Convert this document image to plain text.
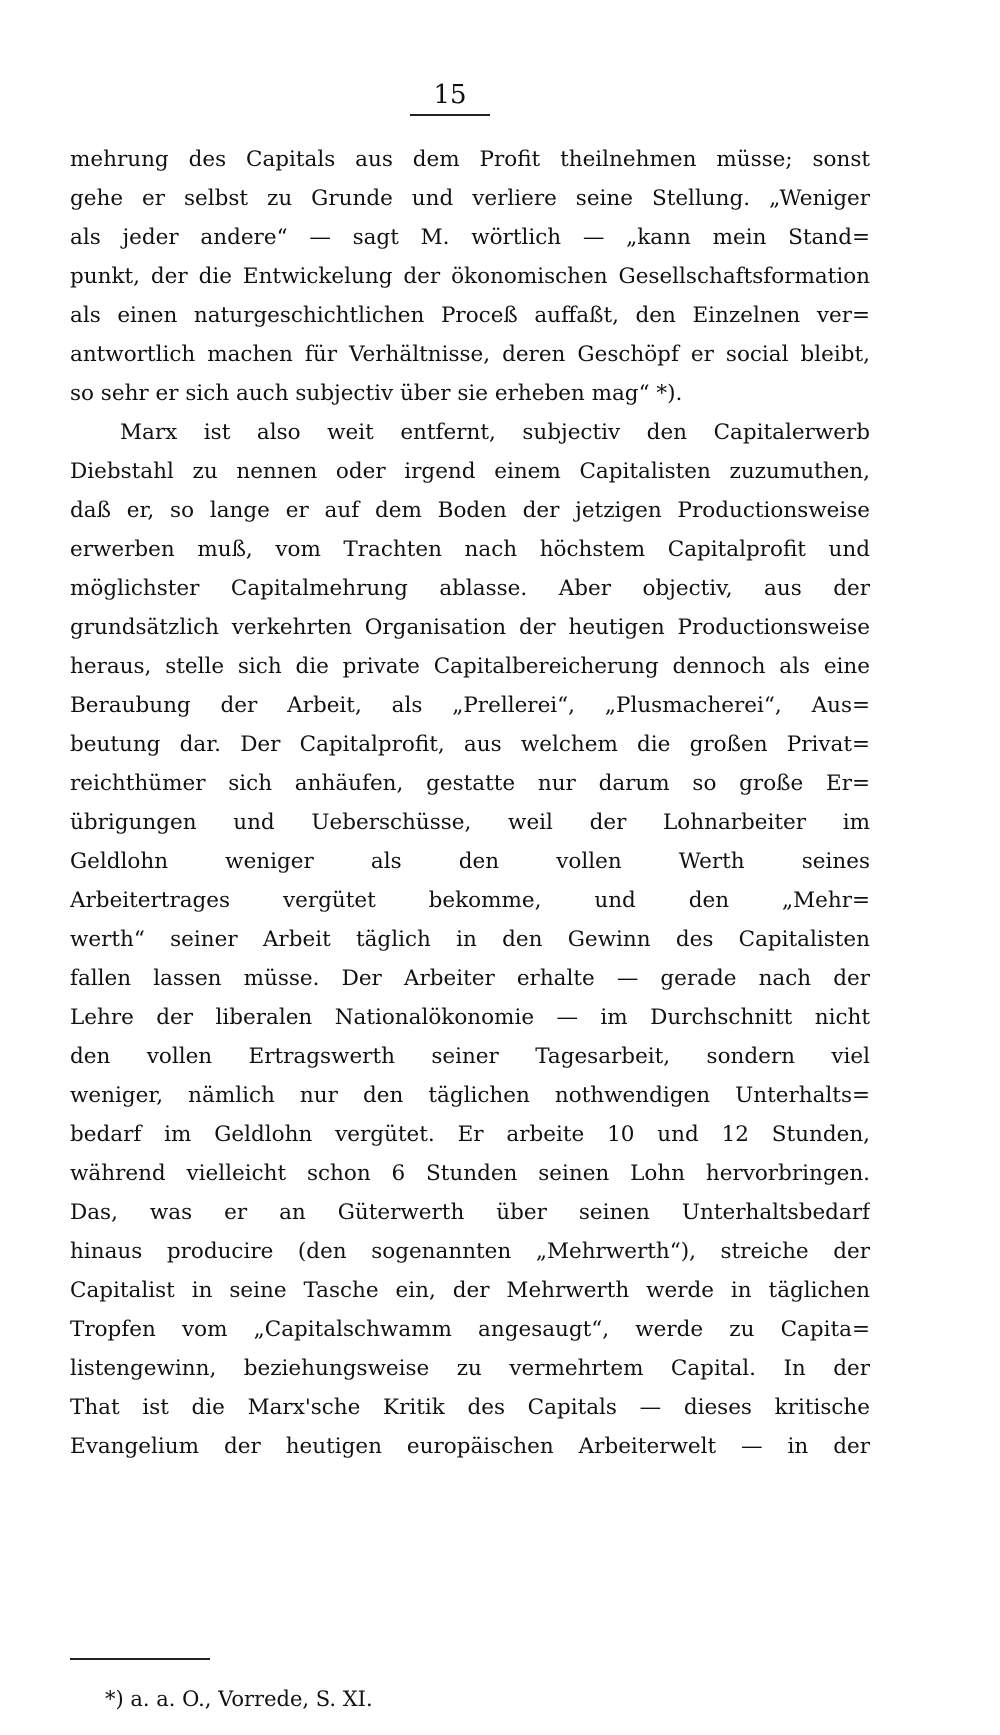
15
mehrung des Capitals aus dem Profit theilnehmen müsse; sonst
gehe er selbst zu Grunde und verliere seine Stellung. „Weniger
als jeder andere“ — sagt M. wörtlich — „kann mein Stand=
punkt, der die Entwickelung der ökonomischen Gesellschaftsformation
als einen naturgeschichtlichen Proceß auffaßt, den Einzelnen ver=
antwortlich machen für Verhältnisse, deren Geschöpf er social bleibt,
so sehr er sich auch subjectiv über sie erheben mag“ *).
Marx ist also weit entfernt, subjectiv den Capitalerwerb
Diebstahl zu nennen oder irgend einem Capitalisten zuzumuthen,
daß er, so lange er auf dem Boden der jetzigen Productionsweise
erwerben muß, vom Trachten nach höchstem Capitalprofit und
möglichster Capitalmehrung ablasse. Aber objectiv, aus der
grundsätzlich verkehrten Organisation der heutigen Productionsweise
heraus, stelle sich die private Capitalbereicherung dennoch als eine
Beraubung der Arbeit, als „Prellerei“, „Plusmacherei“, Aus=
beutung dar. Der Capitalprofit, aus welchem die großen Privat=
reichthümer sich anhäufen, gestatte nur darum so große Er=
übrigungen und Ueberschüsse, weil der Lohnarbeiter im
Geldlohn weniger als den vollen Werth seines
Arbeitertrages vergütet bekomme, und den „Mehr=
werth“ seiner Arbeit täglich in den Gewinn des Capitalisten
fallen lassen müsse. Der Arbeiter erhalte — gerade nach der
Lehre der liberalen Nationalökonomie — im Durchschnitt nicht
den vollen Ertragswerth seiner Tagesarbeit, sondern viel
weniger, nämlich nur den täglichen nothwendigen Unterhalts=
bedarf im Geldlohn vergütet. Er arbeite 10 und 12 Stunden,
während vielleicht schon 6 Stunden seinen Lohn hervorbringen.
Das, was er an Güterwerth über seinen Unterhaltsbedarf
hinaus producire (den sogenannten „Mehrwerth“), streiche der
Capitalist in seine Tasche ein, der Mehrwerth werde in täglichen
Tropfen vom „Capitalschwamm angesaugt“, werde zu Capita=
listengewinn, beziehungsweise zu vermehrtem Capital. In der
That ist die Marx'sche Kritik des Capitals — dieses kritische
Evangelium der heutigen europäischen Arbeiterwelt — in der
*) a. a. O., Vorrede, S. XI.
